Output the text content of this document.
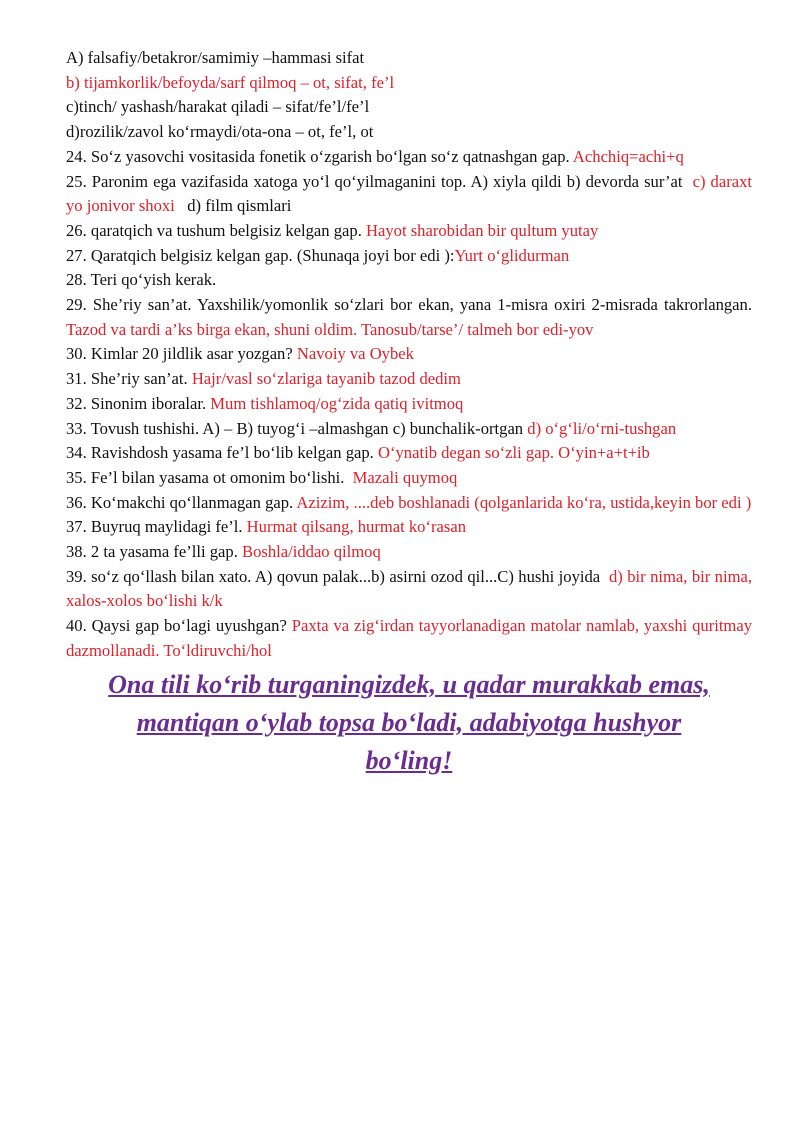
A) falsafiy/betakror/samimiy –hammasi sifat
b) tijamkorlik/befoyda/sarf qilmoq – ot, sifat, fe’l
c)tinch/ yashash/harakat qiladi – sifat/fe’l/fe’l
d)rozilik/zavol ko‘rmaydi/ota-ona – ot, fe’l, ot
24. So‘z yasovchi vositasida fonetik o‘zgarish bo‘lgan so‘z qatnashgan gap. Achchiq=achi+q
25. Paronim ega vazifasida xatoga yo‘l qo‘yilmaganini top. A) xiyla qildi b) devorda sur’at c) daraxt yo jonivor shoxi d) film qismlari
26. qaratqich va tushum belgisiz kelgan gap. Hayot sharobidan bir qultum yutay
27. Qaratqich belgisiz kelgan gap. (Shunaqa joyi bor edi ):Yurt o‘glidurman
28. Teri qo‘yish kerak.
29. She’riy san’at. Yaxshilik/yomonlik so‘zlari bor ekan, yana 1-misra oxiri 2-misrada takrorlangan. Tazod va tardi a’ks birga ekan, shuni oldim. Tanosub/tarse’/ talmeh bor edi-yov
30. Kimlar 20 jildlik asar yozgan? Navoiy va Oybek
31. She’riy san’at. Hajr/vasl so‘zlariga tayanib tazod dedim
32. Sinonim iboralar. Mum tishlamoq/og‘zida qatiq ivitmoq
33. Tovush tushishi. A) – B) tuyog‘i –almashgan c) bunchalik-ortgan d) o‘g‘li/o‘rni-tushgan
34. Ravishdosh yasama fe’l bo‘lib kelgan gap. O‘ynatib degan so‘zli gap. O‘yin+a+t+ib
35. Fe’l bilan yasama ot omonim bo‘lishi. Mazali quymoq
36. Ko‘makchi qo‘llanmagan gap. Azizim, ....deb boshlanadi (qolganlarida ko‘ra, ustida,keyin bor edi )
37. Buyruq maylidagi fe’l. Hurmat qilsang, hurmat ko‘rasan
38. 2 ta yasama fe’lli gap. Boshla/iddao qilmoq
39. so‘z qo‘llash bilan xato. A) qovun palak...b) asirni ozod qil...C) hushi joyida d) bir nima, bir nima, xalos-xolos bo‘lishi k/k
40. Qaysi gap bo‘lagi uyushgan? Paxta va zig‘irdan tayyorlanadigan matolar namlab, yaxshi quritmay dazmollanadi. To‘ldiruvchi/hol
Ona tili ko‘rib turganingizdek, u qadar murakkab emas,
mantiqan o‘ylab topsa bo‘ladi, adabiyotga hushyor
bo‘ling!
